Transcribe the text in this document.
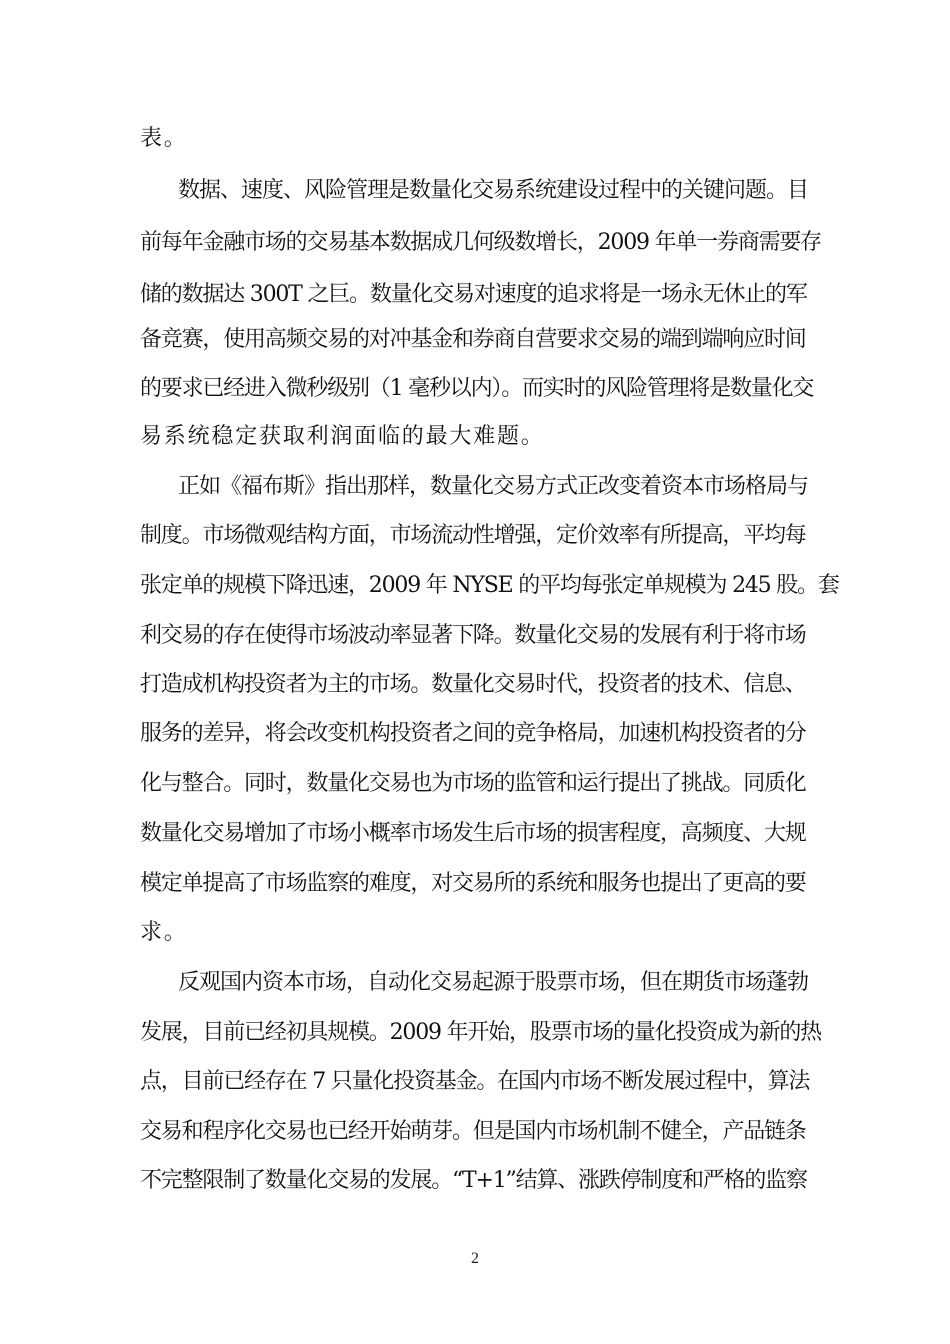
表。
数据、速度、风险管理是数量化交易系统建设过程中的关键问题。目
前每年金融市场的交易基本数据成几何级数增长，2009 年单一券商需要存
储的数据达 300T 之巨。数量化交易对速度的追求将是一场永无休止的军
备竞赛，使用高频交易的对冲基金和券商自营要求交易的端到端响应时间
的要求已经进入微秒级别（1 毫秒以内）。而实时的风险管理将是数量化交
易系统稳定获取利润面临的最大难题。
正如《福布斯》指出那样，数量化交易方式正改变着资本市场格局与
制度。市场微观结构方面，市场流动性增强，定价效率有所提高，平均每
张定单的规模下降迅速，2009 年 NYSE 的平均每张定单规模为 245 股。套
利交易的存在使得市场波动率显著下降。数量化交易的发展有利于将市场
打造成机构投资者为主的市场。数量化交易时代，投资者的技术、信息、
服务的差异，将会改变机构投资者之间的竞争格局，加速机构投资者的分
化与整合。同时，数量化交易也为市场的监管和运行提出了挑战。同质化
数量化交易增加了市场小概率市场发生后市场的损害程度，高频度、大规
模定单提高了市场监察的难度，对交易所的系统和服务也提出了更高的要
求。
反观国内资本市场，自动化交易起源于股票市场，但在期货市场蓬勃
发展，目前已经初具规模。2009 年开始，股票市场的量化投资成为新的热
点，目前已经存在 7 只量化投资基金。在国内市场不断发展过程中，算法
交易和程序化交易也已经开始萌芽。但是国内市场机制不健全，产品链条
不完整限制了数量化交易的发展。“T+1”结算、涨跌停制度和严格的监察
2
